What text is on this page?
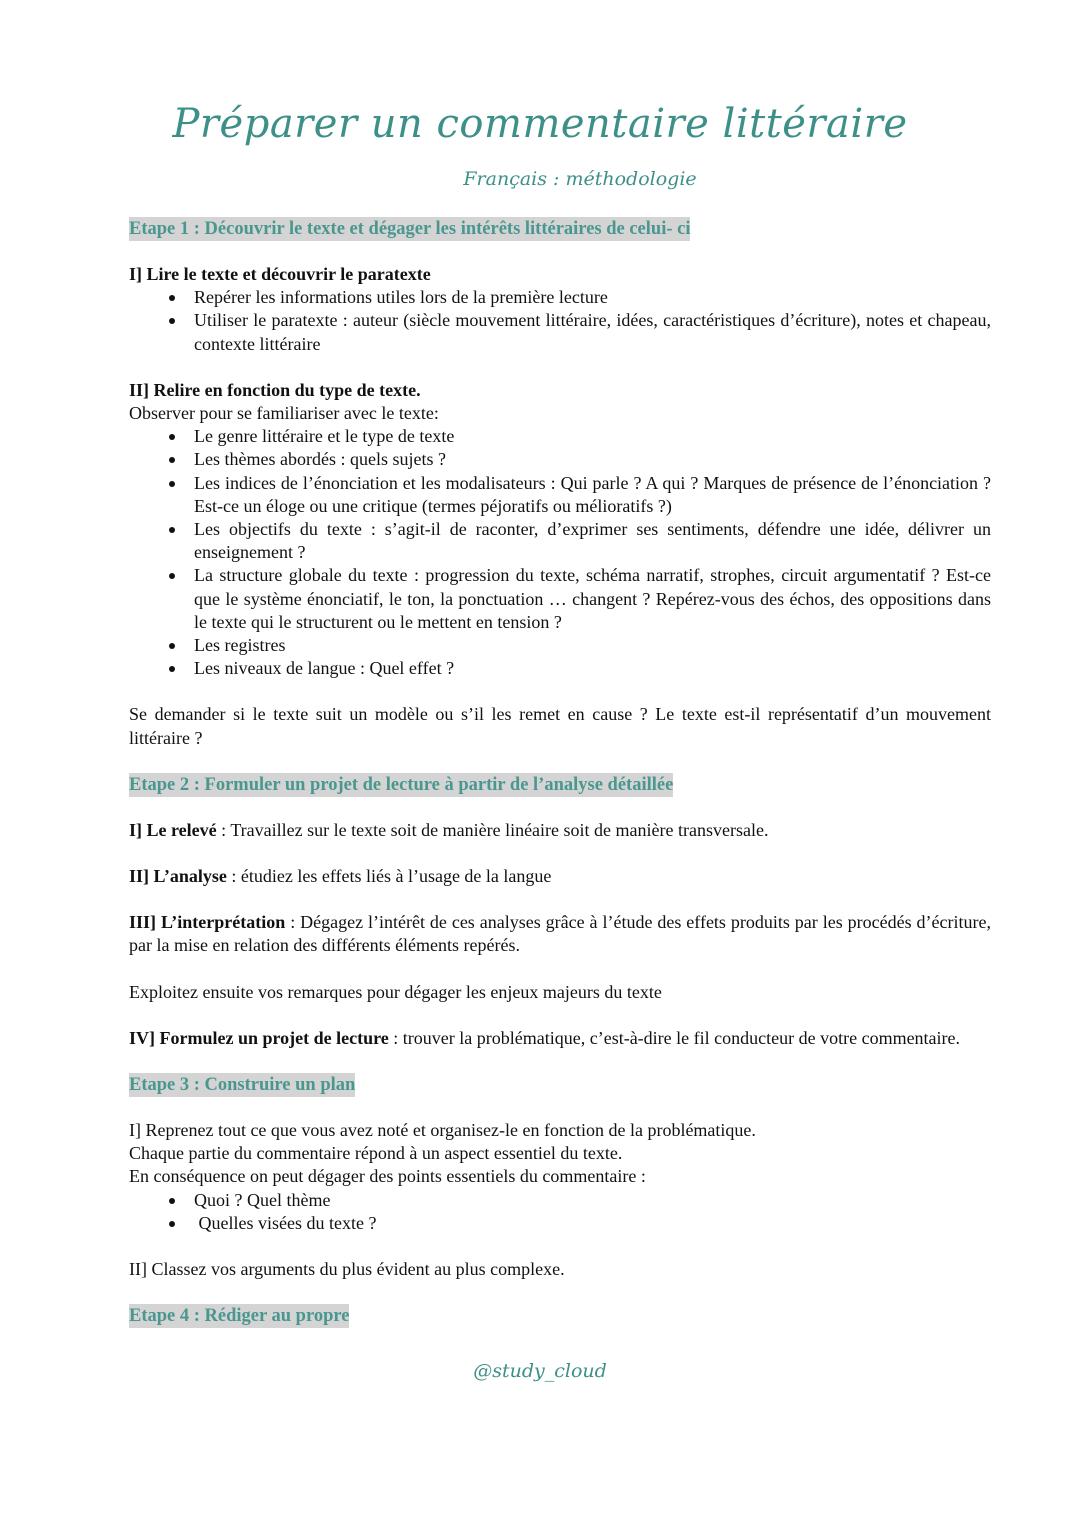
Préparer un commentaire littéraire
Français : méthodologie
Etape 1 : Découvrir le texte et dégager les intérêts littéraires de celui- ci
I] Lire le texte et découvrir le paratexte
Repérer les informations utiles lors de la première lecture
Utiliser le paratexte : auteur (siècle mouvement littéraire, idées, caractéristiques d’écriture), notes et chapeau, contexte littéraire
II] Relire en fonction du type de texte.
Observer pour se familiariser avec le texte:
Le genre littéraire et le type de texte
Les thèmes abordés : quels sujets ?
Les indices de l’énonciation et les modalisateurs : Qui parle ? A qui ? Marques de présence de l’énonciation ? Est-ce un éloge ou une critique (termes péjoratifs ou mélioratifs ?)
Les objectifs du texte : s’agit-il de raconter, d’exprimer ses sentiments, défendre une idée, délivrer un enseignement ?
La structure globale du texte : progression du texte, schéma narratif, strophes, circuit argumentatif ? Est-ce que le système énonciatif, le ton, la ponctuation … changent ? Repérez-vous des échos, des oppositions dans le texte qui le structurent ou le mettent en tension ?
Les registres
Les niveaux de langue : Quel effet ?
Se demander si le texte suit un modèle ou s’il les remet en cause ? Le texte est-il représentatif d’un mouvement littéraire ?
Etape 2 : Formuler un projet de lecture à partir de l’analyse détaillée
I] Le relevé : Travaillez sur le texte soit de manière linéaire soit de manière transversale.
II] L’analyse : étudiez les effets liés à l’usage de la langue
III] L’interprétation : Dégagez l’intérêt de ces analyses grâce à l’étude des effets produits par les procédés d’écriture, par la mise en relation des différents éléments repérés.
Exploitez ensuite vos remarques pour dégager les enjeux majeurs du texte
IV] Formulez un projet de lecture : trouver la problématique, c’est-à-dire le fil conducteur de votre commentaire.
Etape 3 : Construire un plan
I] Reprenez tout ce que vous avez noté et organisez-le en fonction de la problématique.
Chaque partie du commentaire répond à un aspect essentiel du texte.
En conséquence on peut dégager des points essentiels du commentaire :
Quoi ? Quel thème
Quelles visées du texte ?
II] Classez vos arguments du plus évident au plus complexe.
Etape 4 : Rédiger au propre
@study_cloud
